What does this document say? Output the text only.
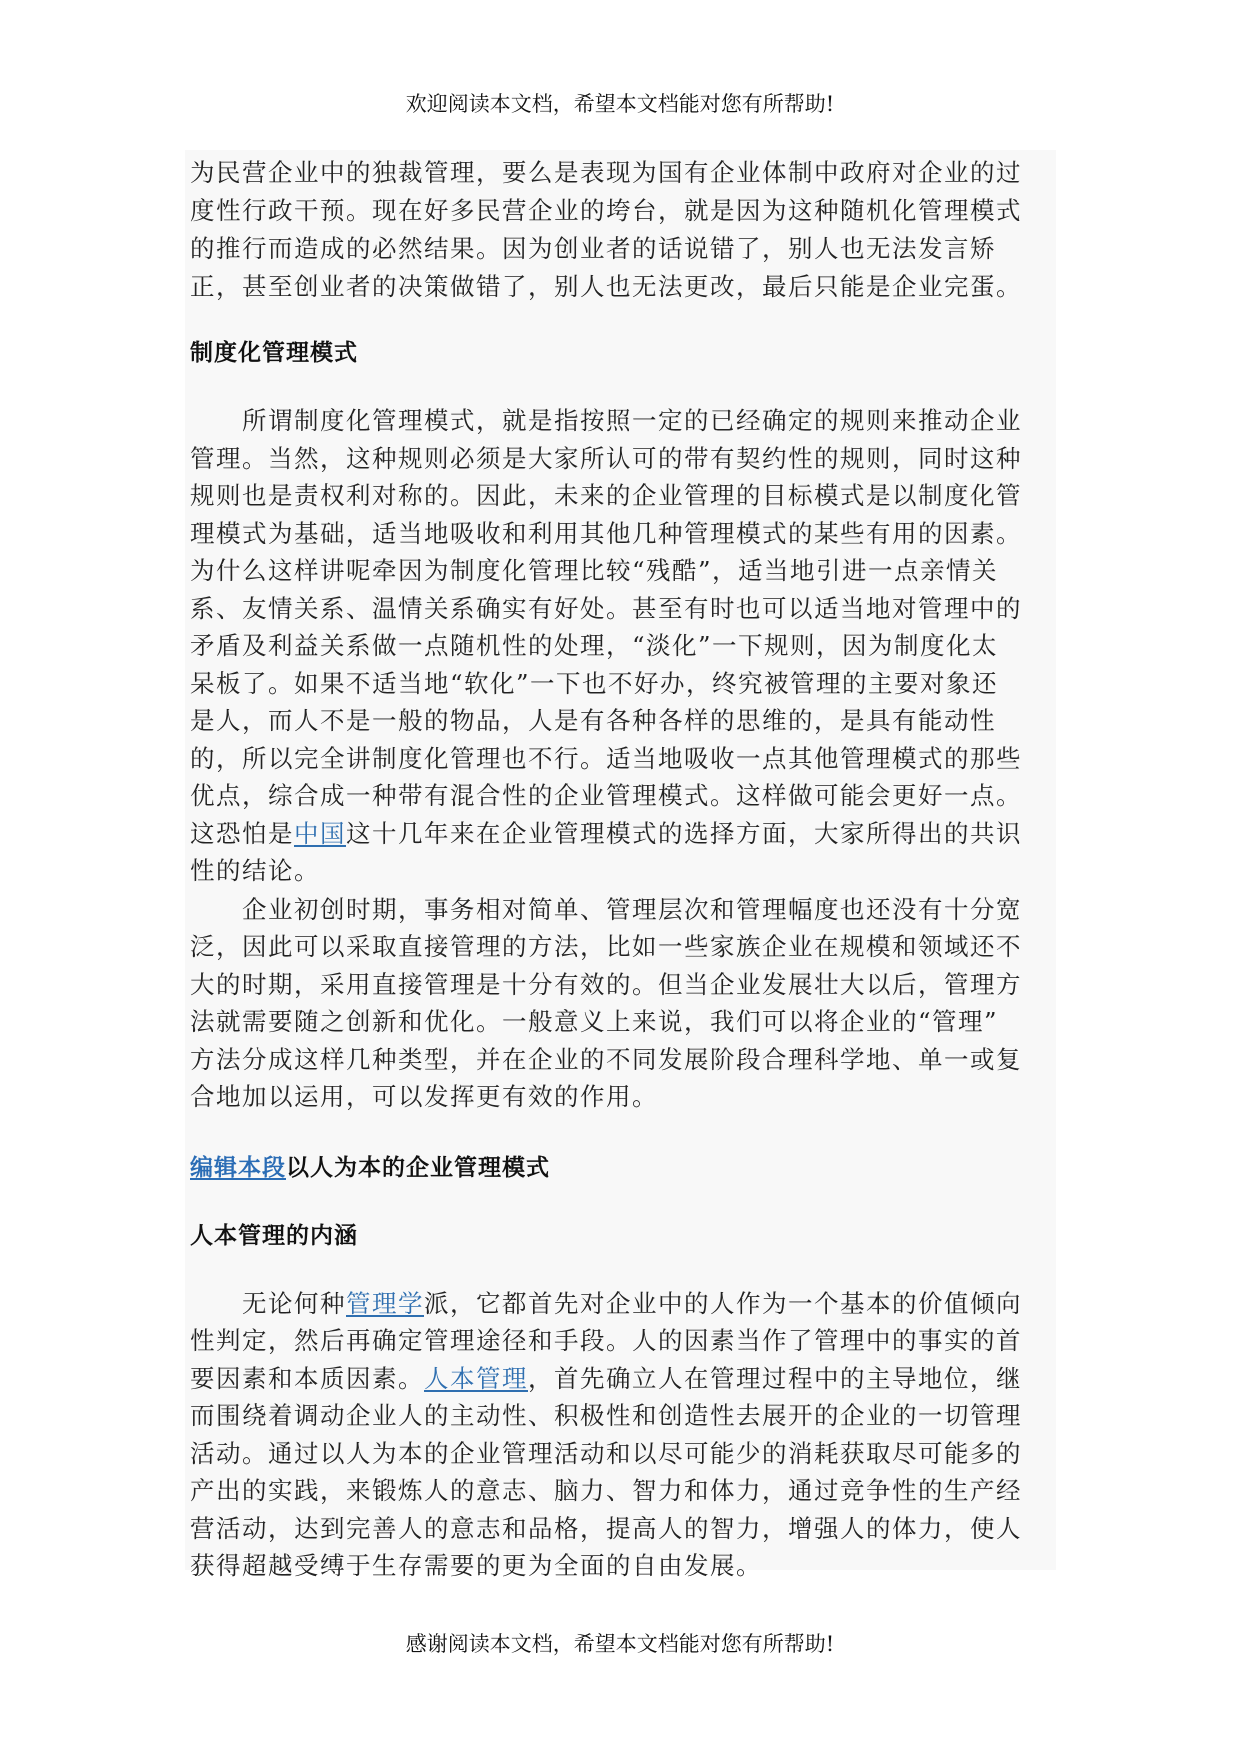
欢迎阅读本文档，希望本文档能对您有所帮助!
为民营企业中的独裁管理，要么是表现为国有企业体制中政府对企业的过
度性行政干预。现在好多民营企业的垮台，就是因为这种随机化管理模式
的推行而造成的必然结果。因为创业者的话说错了，别人也无法发言矫
正，甚至创业者的决策做错了，别人也无法更改，最后只能是企业完蛋。
制度化管理模式
所谓制度化管理模式，就是指按照一定的已经确定的规则来推动企业
管理。当然，这种规则必须是大家所认可的带有契约性的规则，同时这种
规则也是责权利对称的。因此，未来的企业管理的目标模式是以制度化管
理模式为基础，适当地吸收和利用其他几种管理模式的某些有用的因素。
为什么这样讲呢牵因为制度化管理比较“残酷”，适当地引进一点亲情关
系、友情关系、温情关系确实有好处。甚至有时也可以适当地对管理中的
矛盾及利益关系做一点随机性的处理，“淡化”一下规则，因为制度化太
呆板了。如果不适当地“软化”一下也不好办，终究被管理的主要对象还
是人，而人不是一般的物品，人是有各种各样的思维的，是具有能动性
的，所以完全讲制度化管理也不行。适当地吸收一点其他管理模式的那些
优点，综合成一种带有混合性的企业管理模式。这样做可能会更好一点。
这恐怕是中国这十几年来在企业管理模式的选择方面，大家所得出的共识
性的结论。
企业初创时期，事务相对简单、管理层次和管理幅度也还没有十分宽
泛，因此可以采取直接管理的方法，比如一些家族企业在规模和领域还不
大的时期，采用直接管理是十分有效的。但当企业发展壮大以后，管理方
法就需要随之创新和优化。一般意义上来说，我们可以将企业的“管理”
方法分成这样几种类型，并在企业的不同发展阶段合理科学地、单一或复
合地加以运用，可以发挥更有效的作用。
编辑本段以人为本的企业管理模式
人本管理的内涵
无论何种管理学派，它都首先对企业中的人作为一个基本的价值倾向
性判定，然后再确定管理途径和手段。人的因素当作了管理中的事实的首
要因素和本质因素。人本管理，首先确立人在管理过程中的主导地位，继
而围绕着调动企业人的主动性、积极性和创造性去展开的企业的一切管理
活动。通过以人为本的企业管理活动和以尽可能少的消耗获取尽可能多的
产出的实践，来锻炼人的意志、脑力、智力和体力，通过竞争性的生产经
营活动，达到完善人的意志和品格，提高人的智力，增强人的体力，使人
获得超越受缚于生存需要的更为全面的自由发展。
感谢阅读本文档，希望本文档能对您有所帮助!
